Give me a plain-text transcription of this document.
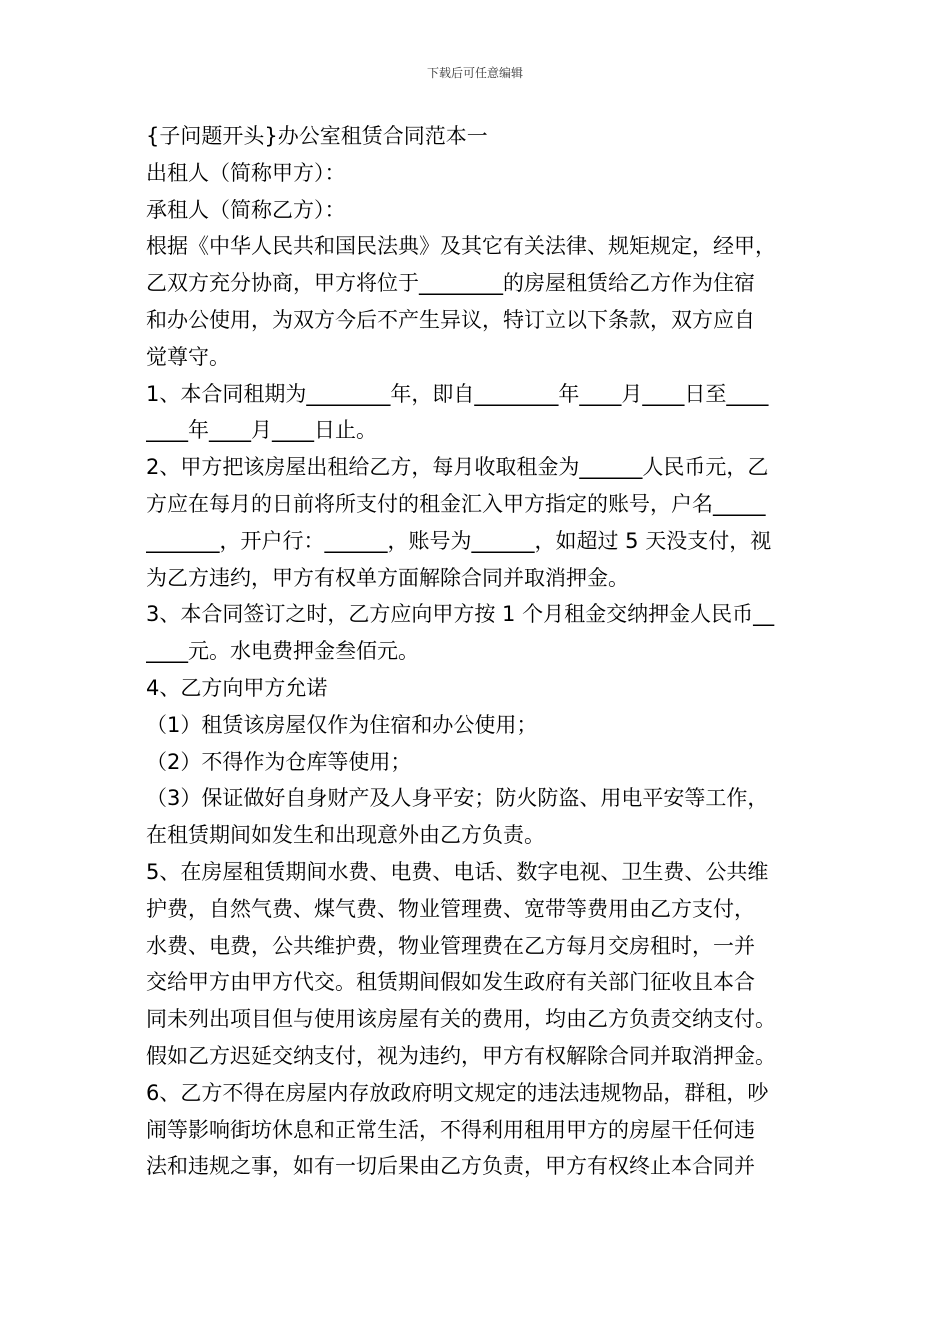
下载后可任意编辑
{子问题开头}办公室租赁合同范本一
出租人（简称甲方）：
承租人（简称乙方）：
根据《中华人民共和国民法典》及其它有关法律、规矩规定，经甲，
乙双方充分协商，甲方将位于________的房屋租赁给乙方作为住宿
和办公使用，为双方今后不产生异议，特订立以下条款，双方应自
觉尊守。
1、本合同租期为________年，即自________年____月____日至____
____年____月____日止。
2、甲方把该房屋出租给乙方，每月收取租金为______人民币元，乙
方应在每月的日前将所支付的租金汇入甲方指定的账号，户名_____
_______，开户行：______，账号为______，如超过 5 天没支付，视
为乙方违约，甲方有权单方面解除合同并取消押金。
3、本合同签订之时，乙方应向甲方按 1 个月租金交纳押金人民币__
____元。水电费押金叁佰元。
4、乙方向甲方允诺
（1）租赁该房屋仅作为住宿和办公使用；
（2）不得作为仓库等使用；
（3）保证做好自身财产及人身平安；防火防盗、用电平安等工作，
在租赁期间如发生和出现意外由乙方负责。
5、在房屋租赁期间水费、电费、电话、数字电视、卫生费、公共维
护费，自然气费、煤气费、物业管理费、宽带等费用由乙方支付，
水费、电费，公共维护费，物业管理费在乙方每月交房租时，一并
交给甲方由甲方代交。租赁期间假如发生政府有关部门征收且本合
同未列出项目但与使用该房屋有关的费用，均由乙方负责交纳支付。
假如乙方迟延交纳支付，视为违约，甲方有权解除合同并取消押金。
6、乙方不得在房屋内存放政府明文规定的违法违规物品，群租，吵
闹等影响街坊休息和正常生活，不得利用租用甲方的房屋干任何违
法和违规之事，如有一切后果由乙方负责，甲方有权终止本合同并
